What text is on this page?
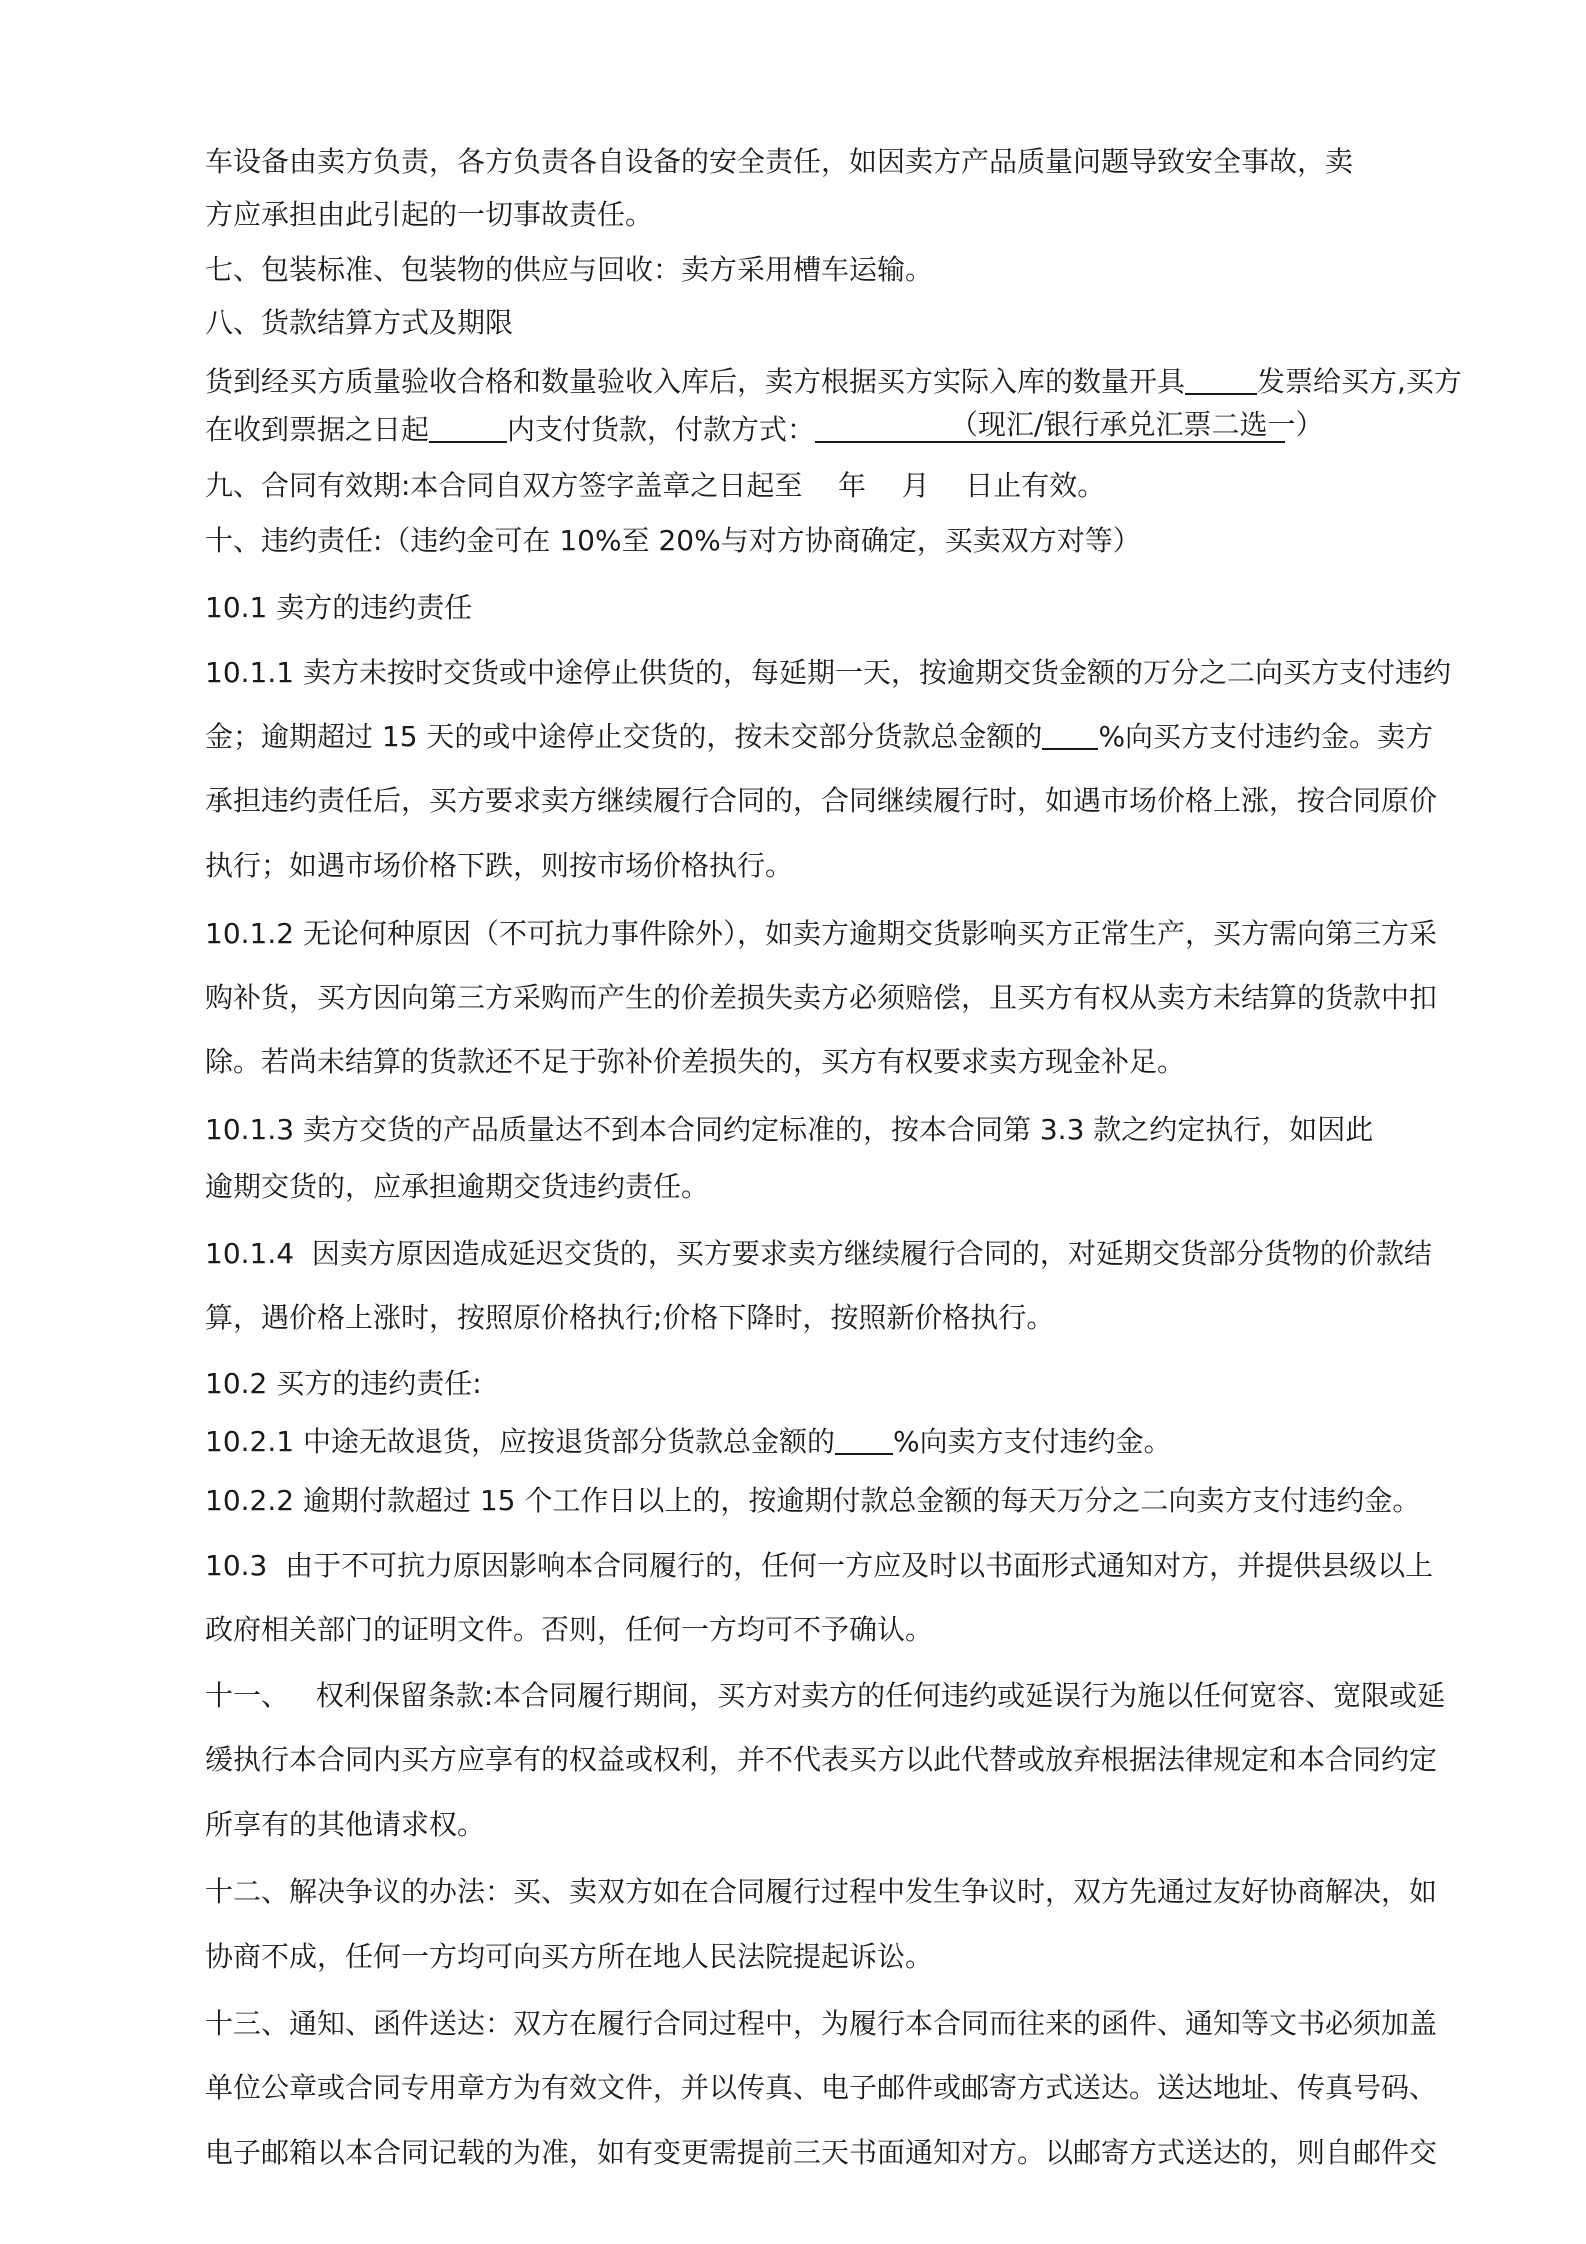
车设备由卖方负责，各方负责各自设备的安全责任，如因卖方产品质量问题导致安全事故，卖
方应承担由此引起的一切事故责任。
七、包装标准、包装物的供应与回收：卖方采用槽车运输。
八、货款结算方式及期限
货到经买方质量验收合格和数量验收入库后，卖方根据买方实际入库的数量开具	发票给买方,买方
在收到票据之日起	内支付货款，付款方式：	（现汇/银行承兑汇票二选一）
九、合同有效期:本合同自双方签字盖章之日起至    年    月    日止有效。
十、违约责任:（违约金可在 10%至 20%与对方协商确定，买卖双方对等）
10.1 卖方的违约责任
10.1.1 卖方未按时交货或中途停止供货的，每延期一天，按逾期交货金额的万分之二向买方支付违约
金；逾期超过 15 天的或中途停止交货的，按未交部分货款总金额的 %向买方支付违约金。卖方
承担违约责任后，买方要求卖方继续履行合同的，合同继续履行时，如遇市场价格上涨，按合同原价
执行；如遇市场价格下跌，则按市场价格执行。
10.1.2 无论何种原因（不可抗力事件除外），如卖方逾期交货影响买方正常生产，买方需向第三方采
购补货，买方因向第三方采购而产生的价差损失卖方必须赔偿，且买方有权从卖方未结算的货款中扣
除。若尚未结算的货款还不足于弥补价差损失的，买方有权要求卖方现金补足。
10.1.3 卖方交货的产品质量达不到本合同约定标准的，按本合同第 3.3 款之约定执行，如因此
逾期交货的，应承担逾期交货违约责任。
10.1.4  因卖方原因造成延迟交货的，买方要求卖方继续履行合同的，对延期交货部分货物的价款结
算，遇价格上涨时，按照原价格执行;价格下降时，按照新价格执行。
10.2 买方的违约责任:
10.2.1 中途无故退货，应按退货部分货款总金额的 %向卖方支付违约金。
10.2.2 逾期付款超过 15 个工作日以上的，按逾期付款总金额的每天万分之二向卖方支付违约金。
10.3  由于不可抗力原因影响本合同履行的，任何一方应及时以书面形式通知对方，并提供县级以上
政府相关部门的证明文件。否则，任何一方均可不予确认。
十一、   权利保留条款:本合同履行期间，买方对卖方的任何违约或延误行为施以任何宽容、宽限或延
缓执行本合同内买方应享有的权益或权利，并不代表买方以此代替或放弃根据法律规定和本合同约定
所享有的其他请求权。
十二、解决争议的办法：买、卖双方如在合同履行过程中发生争议时，双方先通过友好协商解决，如
协商不成，任何一方均可向买方所在地人民法院提起诉讼。
十三、通知、函件送达：双方在履行合同过程中，为履行本合同而往来的函件、通知等文书必须加盖
单位公章或合同专用章方为有效文件，并以传真、电子邮件或邮寄方式送达。送达地址、传真号码、
电子邮箱以本合同记载的为准，如有变更需提前三天书面通知对方。以邮寄方式送达的，则自邮件交
